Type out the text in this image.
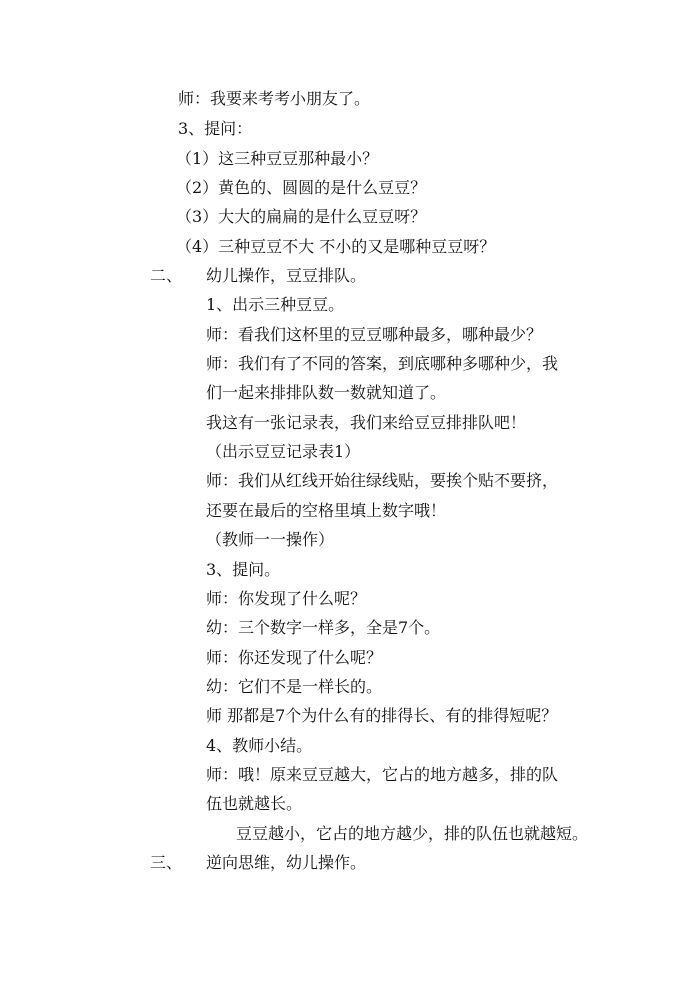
师：我要来考考小朋友了。
3、提问：
（1）这三种豆豆那种最小？
（2）黄色的、圆圆的是什么豆豆？
（3）大大的扁扁的是什么豆豆呀？
（4）三种豆豆不大 不小的又是哪种豆豆呀？
二、 幼儿操作，豆豆排队。
1、出示三种豆豆。
师：看我们这杯里的豆豆哪种最多，哪种最少？
师：我们有了不同的答案，到底哪种多哪种少，我
们一起来排排队数一数就知道了。
我这有一张记录表，我们来给豆豆排排队吧！
（出示豆豆记录表1）
师：我们从红线开始往绿线贴，要挨个贴不要挤，
还要在最后的空格里填上数字哦！
（教师一一操作）
3、提问。
师：你发现了什么呢？
幼：三个数字一样多，全是7个。
师：你还发现了什么呢？
幼：它们不是一样长的。
师 那都是7个为什么有的排得长、有的排得短呢？
4、教师小结。
师：哦！原来豆豆越大，它占的地方越多，排的队
伍也就越长。
豆豆越小，它占的地方越少，排的队伍也就越短。
三、 逆向思维，幼儿操作。
